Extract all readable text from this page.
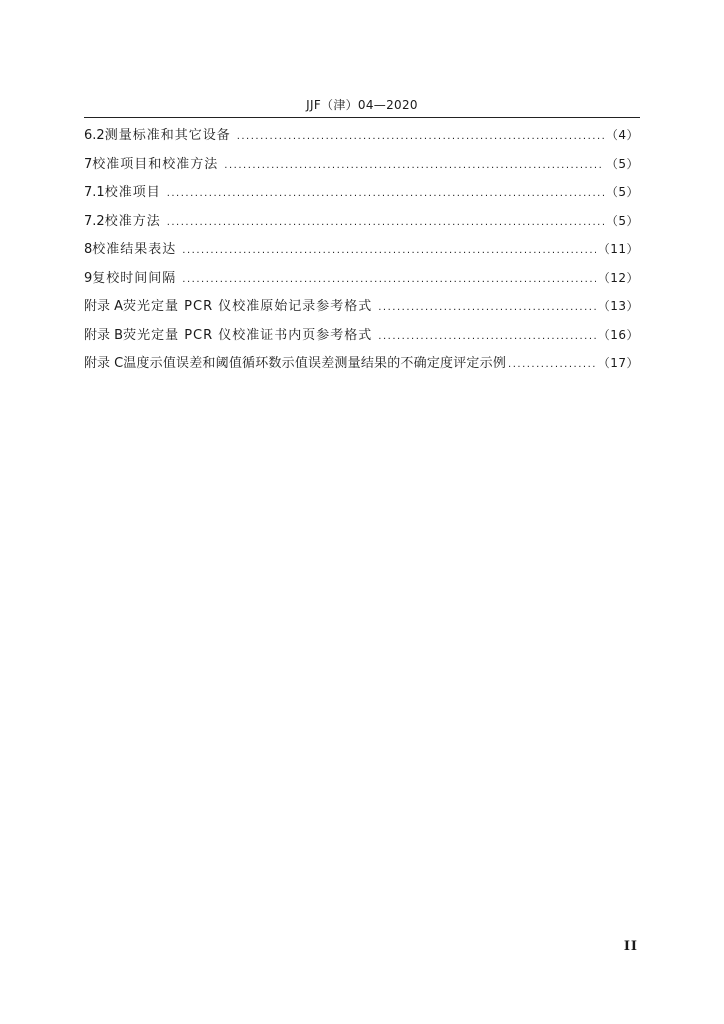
JJF（津）04—2020
6.2 测量标准和其它设备 .....	（4）
7 校准项目和校准方法 .....	（5）
7.1 校准项目 .....	（5）
7.2 校准方法 .....	（5）
8 校准结果表达 .....	（11）
9 复校时间间隔 .....	（12）
附录 A 荧光定量 PCR 仪校准原始记录参考格式 .....	（13）
附录 B 荧光定量 PCR 仪校准证书内页参考格式 .....	（16）
附录 C 温度示值误差和阈值循环数示值误差测量结果的不确定度评定示例 .....	（17）
II
